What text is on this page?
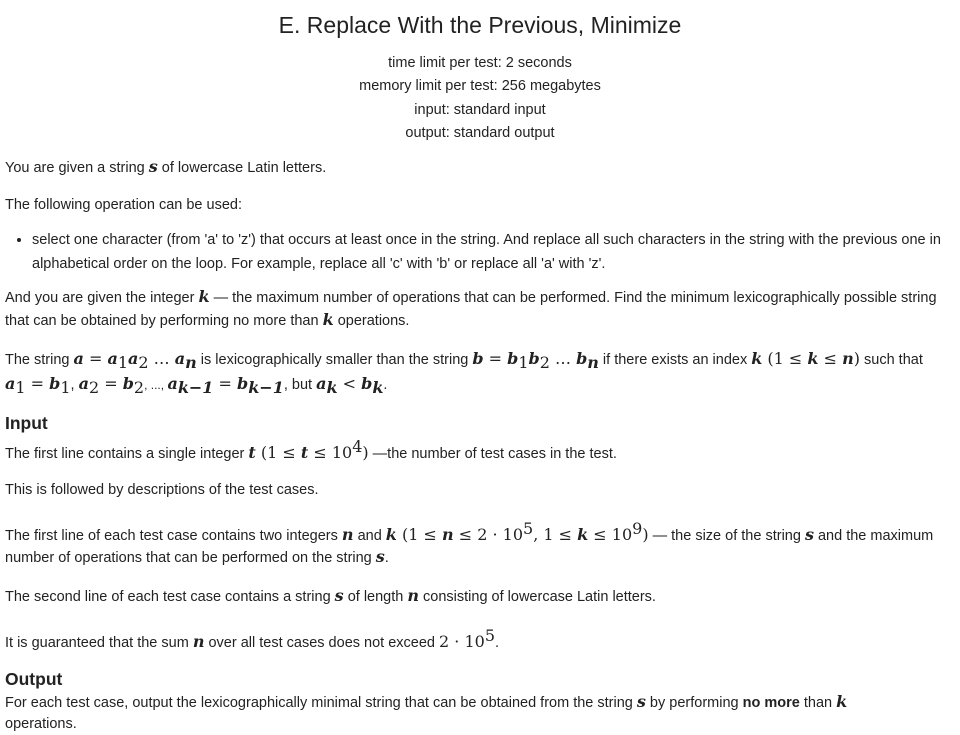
E. Replace With the Previous, Minimize
time limit per test: 2 seconds
memory limit per test: 256 megabytes
input: standard input
output: standard output

You are given a string s of lowercase Latin letters.

The following operation can be used:

• select one character (from 'a' to 'z') that occurs at least once in the string. And replace all such characters in the string with the previous one in alphabetical order on the loop. For example, replace all 'c' with 'b' or replace all 'a' with 'z'.

And you are given the integer k — the maximum number of operations that can be performed. Find the minimum lexicographically possible string that can be obtained by performing no more than k operations.

The string $a = a_1a_2$ … $a_n$ is lexicographically smaller than the string $b = b_1b_2$ … $b_n$ if there exists an index k (1 ≤ k ≤ n) such that
$a_1 = b_1$, $a_2 = b_2$, ..., $a_{k-1} = b_{k-1}$, but $a_k < b_k$.

Input

The first line contains a single integer t $(1 \le t \le 10^4)$ —the number of test cases in the test.

This is followed by descriptions of the test cases.

The first line of each test case contains two integers n and k ($1 \le n \le 2 \cdot 10^5$, $1 \le k \le 10^9$) — the size of the string s and the maximum number of operations that can be performed on the string s.

The second line of each test case contains a string s of length n consisting of lowercase Latin letters.

It is guaranteed that the sum n over all test cases does not exceed $2 \cdot 10^5$.

Output

For each test case, output the lexicographically minimal string that can be obtained from the string s by performing no more than k
operations.
